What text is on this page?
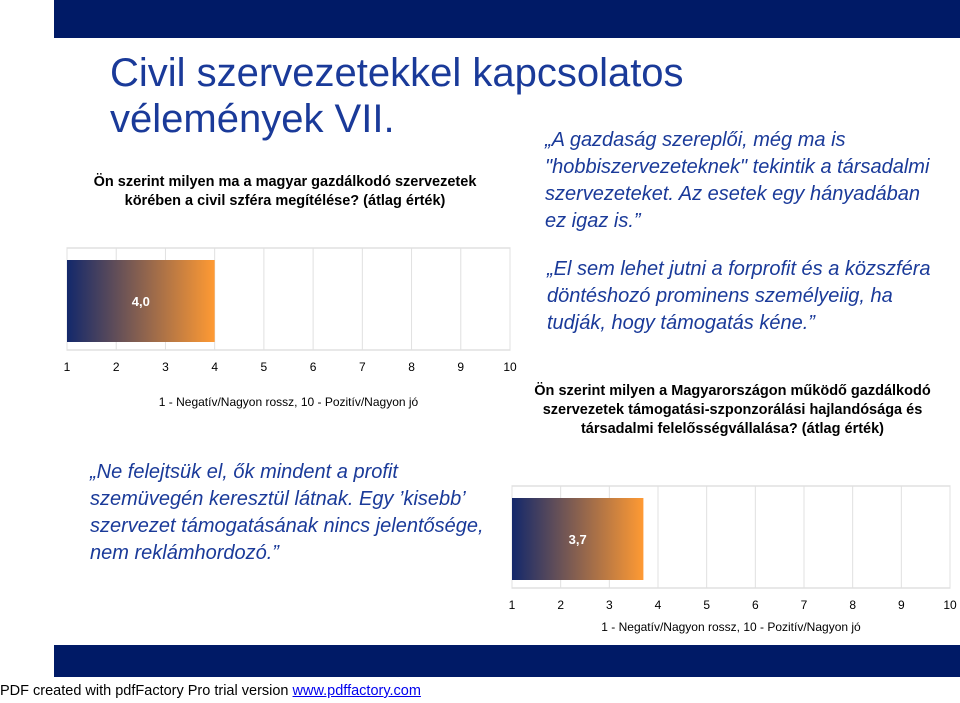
Civil szervezetekkel kapcsolatos vélemények VII.
Ön szerint milyen ma a magyar gazdálkodó szervezetek körében a civil szféra megítélése? (átlag érték)
4,0
1	2	3	4	5	6	7	8	9	10
1 - Negatív/Nagyon rossz, 10 - Pozitív/Nagyon jó
„A gazdaság szereplői, még ma is "hobbiszervezeteknek" tekintik a társadalmi szervezeteket. Az esetek egy hányadában ez igaz is.”
„El sem lehet jutni a forprofit és a közszféra döntéshozó prominens személyeiig, ha tudják, hogy támogatás kéne.”
Ön szerint milyen a Magyarországon működő gazdálkodó szervezetek támogatási-szponzorálási hajlandósága és társadalmi felelősségvállalása? (átlag érték)
„Ne felejtsük el, ők mindent a profit szemüvegén keresztül látnak. Egy ’kisebb’ szervezet támogatásának nincs jelentősége, nem reklámhordozó.”
3,7
1	2	3	4	5	6	7	8	9	10
1 - Negatív/Nagyon rossz, 10 - Pozitív/Nagyon jó
PDF created with pdfFactory Pro trial version www.pdffactory.com
